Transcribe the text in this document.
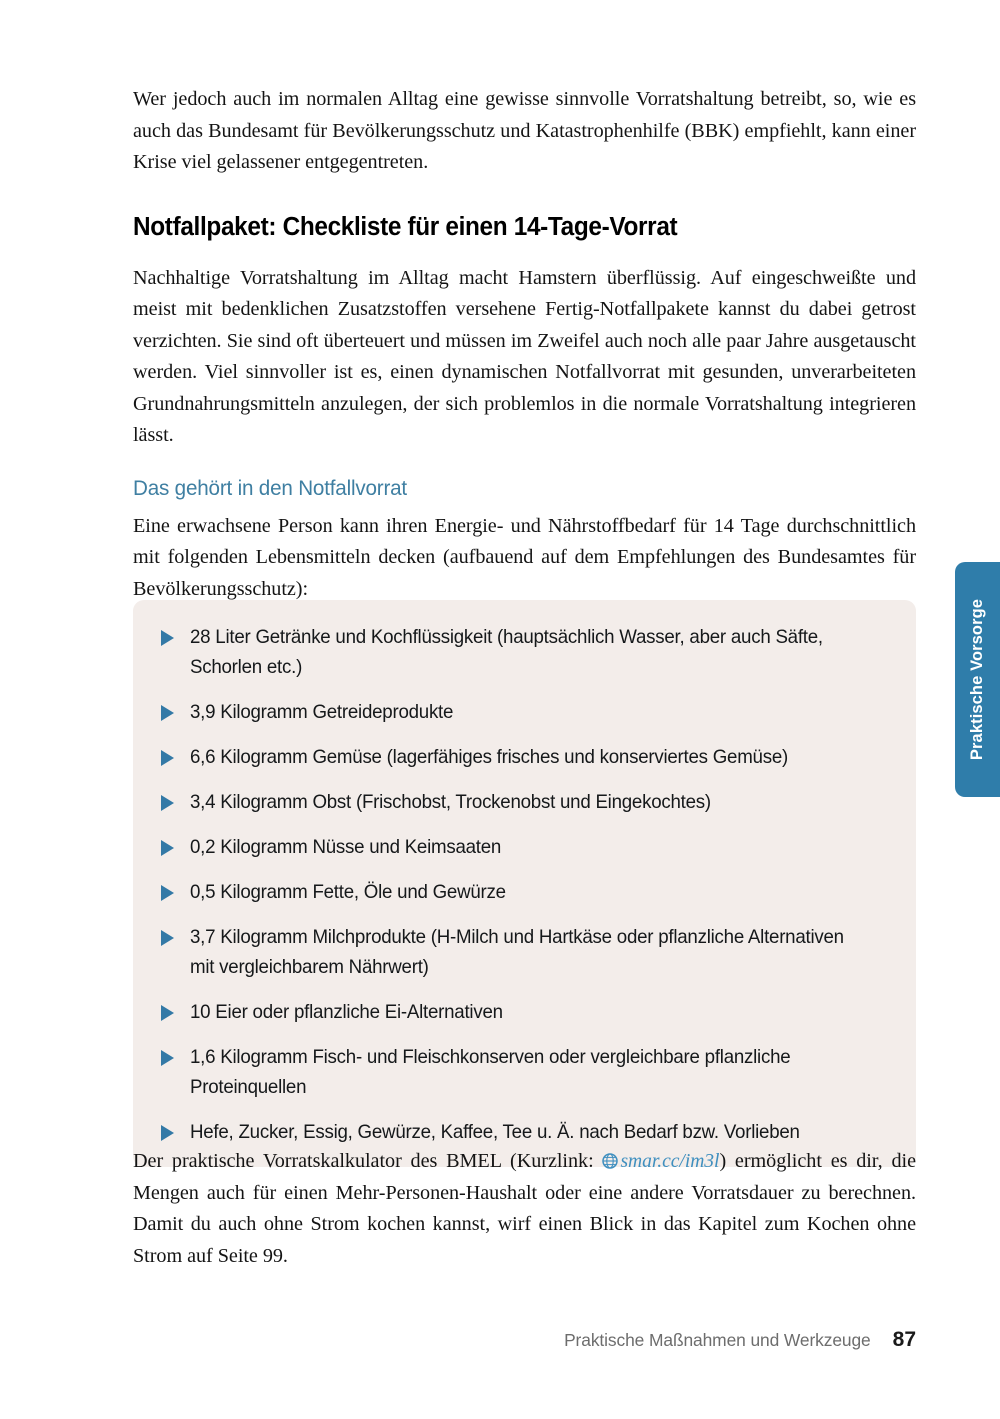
Wer jedoch auch im normalen Alltag eine gewisse sinnvolle Vorratshaltung betreibt, so, wie es auch das Bundesamt für Bevölkerungsschutz und Katastrophenhilfe (BBK) empfiehlt, kann einer Krise viel gelassener entgegentreten.

Notfallpaket: Checkliste für einen 14-Tage-Vorrat

Nachhaltige Vorratshaltung im Alltag macht Hamstern überflüssig. Auf eingeschweißte und meist mit bedenklichen Zusatzstoffen versehene Fertig-Notfallpakete kannst du dabei getrost verzichten. Sie sind oft überteuert und müssen im Zweifel auch noch alle paar Jahre ausgetauscht werden. Viel sinnvoller ist es, einen dynamischen Notfallvorrat mit gesunden, unverarbeiteten Grundnahrungsmitteln anzulegen, der sich problemlos in die normale Vorratshaltung integrieren lässt.

Das gehört in den Notfallvorrat

Eine erwachsene Person kann ihren Energie- und Nährstoffbedarf für 14 Tage durchschnittlich mit folgenden Lebensmitteln decken (aufbauend auf dem Empfehlungen des Bundesamtes für Bevölkerungsschutz):

28 Liter Getränke und Kochflüssigkeit (hauptsächlich Wasser, aber auch Säfte, Schorlen etc.)
3,9 Kilogramm Getreideprodukte
6,6 Kilogramm Gemüse (lagerfähiges frisches und konserviertes Gemüse)
3,4 Kilogramm Obst (Frischobst, Trockenobst und Eingekochtes)
0,2 Kilogramm Nüsse und Keimsaaten
0,5 Kilogramm Fette, Öle und Gewürze
3,7 Kilogramm Milchprodukte (H-Milch und Hartkäse oder pflanzliche Alternativen mit vergleichbarem Nährwert)
10 Eier oder pflanzliche Ei-Alternativen
1,6 Kilogramm Fisch- und Fleischkonserven oder vergleichbare pflanzliche Proteinquellen
Hefe, Zucker, Essig, Gewürze, Kaffee, Tee u. Ä. nach Bedarf bzw. Vorlieben

Der praktische Vorratskalkulator des BMEL (Kurzlink: smar.cc/im3l) ermöglicht es dir, die Mengen auch für einen Mehr-Personen-Haushalt oder eine andere Vorratsdauer zu berechnen. Damit du auch ohne Strom kochen kannst, wirf einen Blick in das Kapitel zum Kochen ohne Strom auf Seite 99.

Praktische Vorsorge
Praktische Maßnahmen und Werkzeuge 87
